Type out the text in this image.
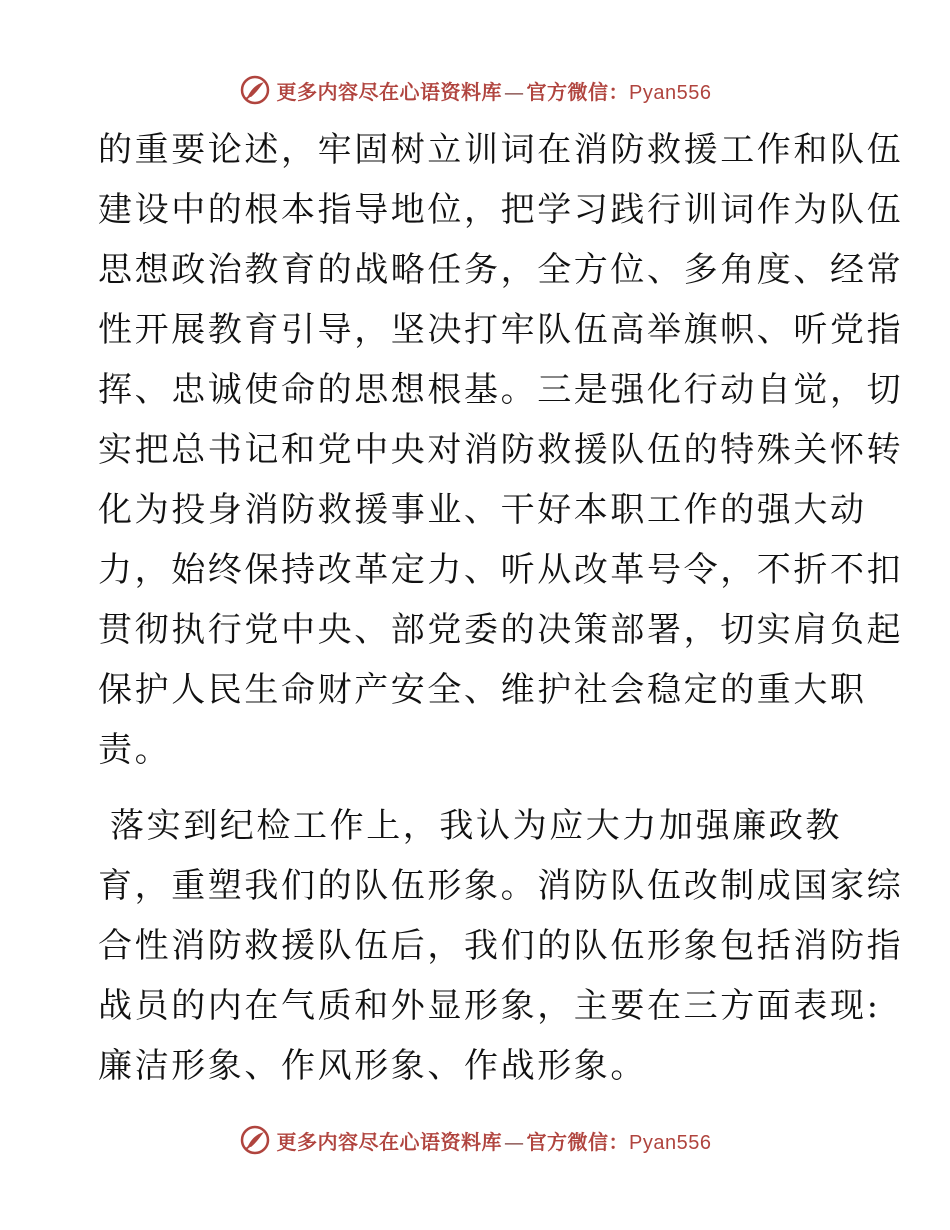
更多内容尽在心语资料库 — 官方微信：Pyan556
的重要论述，牢固树立训词在消防救援工作和队伍
建设中的根本指导地位，把学习践行训词作为队伍
思想政治教育的战略任务，全方位、多角度、经常
性开展教育引导，坚决打牢队伍高举旗帜、听党指
挥、忠诚使命的思想根基。三是强化行动自觉，切
实把总书记和党中央对消防救援队伍的特殊关怀转
化为投身消防救援事业、干好本职工作的强大动
力，始终保持改革定力、听从改革号令，不折不扣
贯彻执行党中央、部党委的决策部署，切实肩负起
保护人民生命财产安全、维护社会稳定的重大职
责。
落实到纪检工作上，我认为应大力加强廉政教
育，重塑我们的队伍形象。消防队伍改制成国家综
合性消防救援队伍后，我们的队伍形象包括消防指
战员的内在气质和外显形象，主要在三方面表现:
廉洁形象、作风形象、作战形象。
更多内容尽在心语资料库 — 官方微信：Pyan556
